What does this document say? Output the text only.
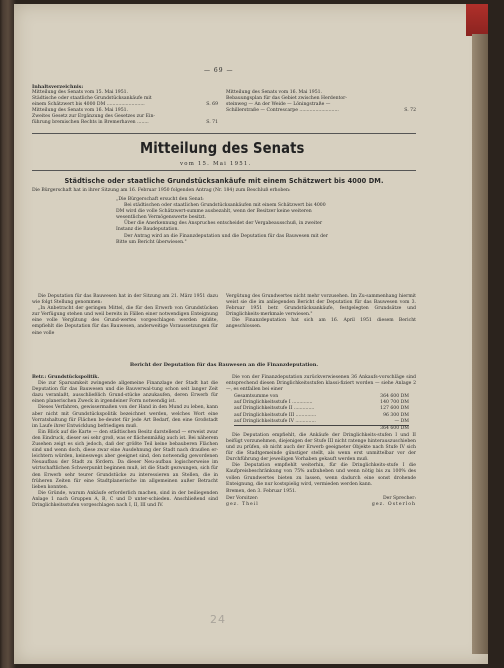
— 69 —
Inhaltsverzeichnis:
Mitteilung des Senats vom 15. Mai 1951.
Städtische oder staatliche Grundstücksankäufe mit
einem Schätzwert bis 4000 DM ..........................	S. 69
Mitteilung des Senats vom 16. Mai 1951.
Zweites Gesetz zur Ergänzung des Gesetzes zur Ein-
führung bremischen Rechts in Bremerhaven ........	S. 71
Mitteilung des Senats vom 16. Mai 1951.
Bebauungsplan für das Gebiet zwischen Herdentor-
steinweg — An der Weide — Löningstraße —
Schillerstraße — Contrescarpe ...........................	S. 72
Mitteilung des Senats
vom 15. Mai 1951.
Städtische oder staatliche Grundstücksankäufe mit einem Schätzwert bis 4000 DM.
Die Bürgerschaft hat in ihrer Sitzung am 16. Februar 1950 folgenden Antrag (Nr. 184) zum Beschluß erhoben:

„Die Bürgerschaft ersucht den Senat:

Bei städtischen oder staatlichen Grundstücksankäufen mit einem Schätzwert bis 4000 DM wird die volle Schätzwert-summe ausbezahlt, wenn der Besitzer keine weiteren wesentlichen Vermögenswerte besitzt.

Über die Anerkennung des Anspruches entscheidet der Vergabeausschuß, in zweiter Instanz die Baudeputation.

Der Antrag wird an die Finanzdeputation und die Deputation für das Bauwesen mit der Bitte um Bericht überwiesen."

Die Deputation für das Bauwesen hat in der Sitzung am 21. März 1951 dazu wie folgt Stellung genommen:

„In Anbetracht der geringen Mittel, die für den Erwerb von Grundstücken zur Verfügung stehen und weil bereits in Fällen einer notwendigen Enteignung eine volle Vergütung des Grund-wertes vorgeschlagen werden müßte, empfiehlt die Deputation für das Bauwesen, anderweitige Voraussetzungen für eine volle

Vergütung des Grundwertes nicht mehr vorzusehen. Im Zu-sammenhang hiermit weist sie die im anliegenden Bericht der Deputation für das Bauwesen vom 3. Februar 1951 betr. Grundstücksankäufe, festgelegten Grundsätze und Dringlichkeits-merkmale verwiesen."

Die Finanzdeputation hat sich am 16. April 1951 diesem Bericht angeschlossen.

Bericht der Deputation für das Bauwesen an die Finanzdeputation.

Betr.: Grundstückspolitik.

Die zur Sparsamkeit zwingende allgemeine Finanzlage der Stadt hat die Deputation für das Bauwesen und die Bauverwal-tung schon seit langer Zeit dazu veranlaßt, ausschließlich Grund-stücke anzukaufen, deren Erwerb für einen planerischen Zweck in irgendeiner Form notwendig ist.

Dieses Verfahren, gewissermaßen von der Hand in den Mund zu leben, kann aber nicht mit Grundstückspolitik bezeichnet werden, welches Wort eine Vorratshaltung für Flächen be-deutet für jede Art Bedarf, den eine Großstadt im Laufe ihrer Entwicklung befriedigen muß.

Ein Blick auf die Karte — den städtischen Besitz darstellend — erweist zwar den Eindruck, dieser sei sehr groß, was er flächenmäßig auch ist. Bei näherem Zusehen zeigt es sich jedoch, daß der größte Teil keine bebauberen Flächen sind und wenn doch, diese zwar eine Ausdehnung der Stadt nach draußen er-leichtern würden, keineswegs aber geeignet sind, den notwendig gewordenen Neuaufbau der Stadt zu fördern. Da dieser Neu-aufbau logischerweise im wirtschaftlichen Schwerpunkt beginnen muß, ist die Stadt gezwungen, sich für den Erwerb sehr teurer Grundstücke zu interessieren an Stellen, die in früheren Zeiten für eine Stadtplanerische im allgemeinen außer Betracht lieben konnten.

Die Gründe, warum Ankäufe erforderlich machen, sind in der beiliegenden Anlage 1 nach Gruppen A, B, C und D unter-schieden. Anschließend sind Dringlichkeitsstufen vorgeschlagen nach I, II, III und IV.

Die von der Finanzdeputation zurückverwiesenen 36 Ankaufs-vorschläge sind entsprechend diesen Dringlichkeitsstufen klassi-fiziert worden — siehe Anlage 2 —, es entfallen bei einer

Gesamtsumme von	364 600 DM
auf Dringlichkeitsstufe I ..............	140 700 DM
auf Dringlichkeitsstufe II ..............	127 600 DM
auf Dringlichkeitsstufe III ..............	96 300 DM
auf Dringlichkeitsstufe IV ..............	— DM
364 600 DM

Die Deputation empfiehlt, die Ankäufe der Dringlichkeits-stufen I und II beifügt vorzunehmen, diejenigen der Stufe III nicht ratenge hinterauszuschieben und zu prüfen, ob nicht auch der Erwerb geeigneter Objekte nach Stufe IV sich für die Stadtgemeinde günstiger stellt, als wenn erst unmittelbar vor der Durchführung der jeweiligen Vorhaben gekauft werden muß.

Die Deputation empfiehlt weiterhin, für die Dringlichkeits-stufe I die Kaufpreisbeschränkung von 75% aufzuheben und wenn nötig bis zu 100% des vollen Grundwertes bieten zu lassen, wenn dadurch eine sonst drohende Enteignung, die nur kostspielig wird, vermieden werden kann.

Bremen, den 3. Februar 1951.

Der Vorsitzer:
gez. Theil
Der Sprecher:
gez. Osterloh
24
